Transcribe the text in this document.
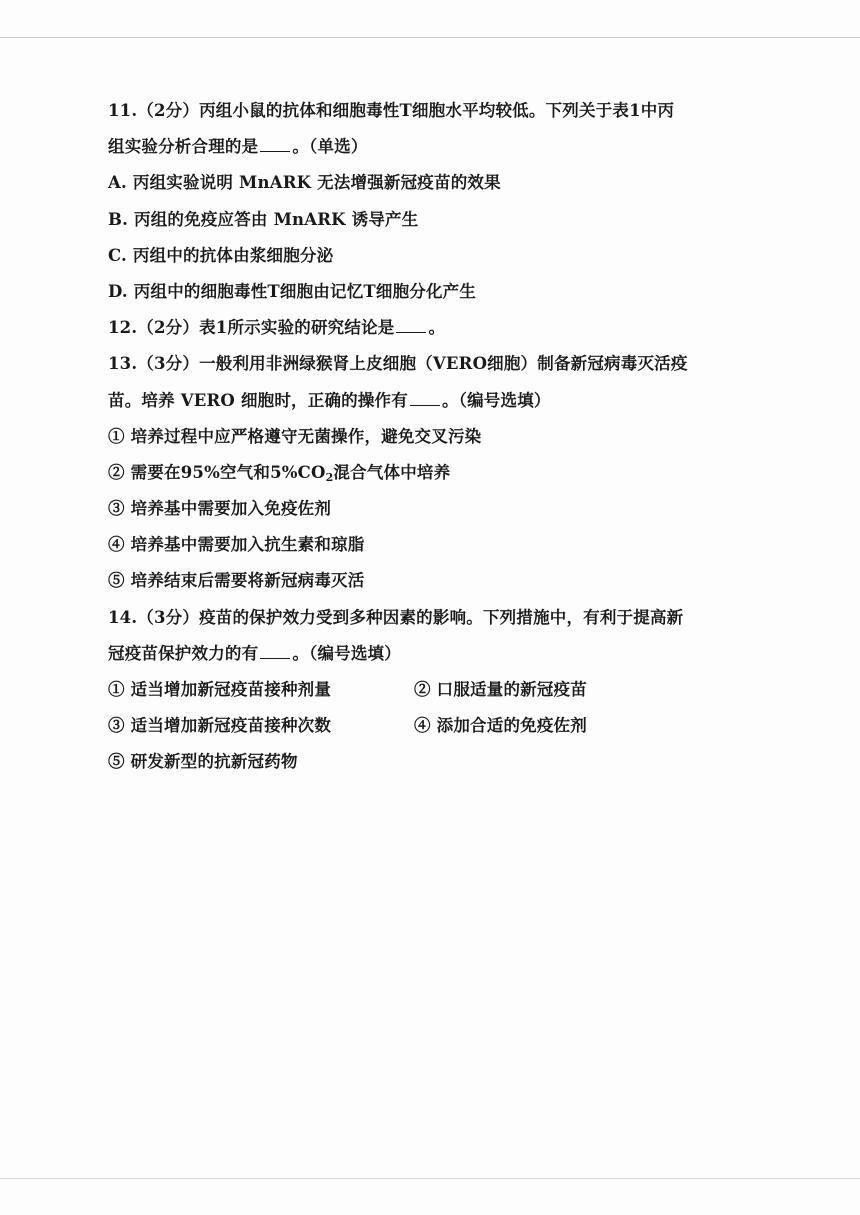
11.（2分）丙组小鼠的抗体和细胞毒性T细胞水平均较低。下列关于表1中丙
组实验分析合理的是 。（单选）
A. 丙组实验说明 MnARK 无法增强新冠疫苗的效果
B. 丙组的免疫应答由 MnARK 诱导产生
C. 丙组中的抗体由浆细胞分泌
D. 丙组中的细胞毒性T细胞由记忆T细胞分化产生
12.（2分）表1所示实验的研究结论是 。
13.（3分）一般利用非洲绿猴肾上皮细胞（VERO细胞）制备新冠病毒灭活疫
苗。培养 VERO 细胞时，正确的操作有 。（编号选填）
① 培养过程中应严格遵守无菌操作，避免交叉污染
② 需要在95%空气和$5\%CO_2$混合气体中培养
③ 培养基中需要加入免疫佐剂
④ 培养基中需要加入抗生素和琼脂
⑤ 培养结束后需要将新冠病毒灭活
14.（3分）疫苗的保护效力受到多种因素的影响。下列措施中，有利于提高新
冠疫苗保护效力的有 。（编号选填）
① 适当增加新冠疫苗接种剂量	② 口服适量的新冠疫苗
③ 适当增加新冠疫苗接种次数	④ 添加合适的免疫佐剂
⑤ 研发新型的抗新冠药物
